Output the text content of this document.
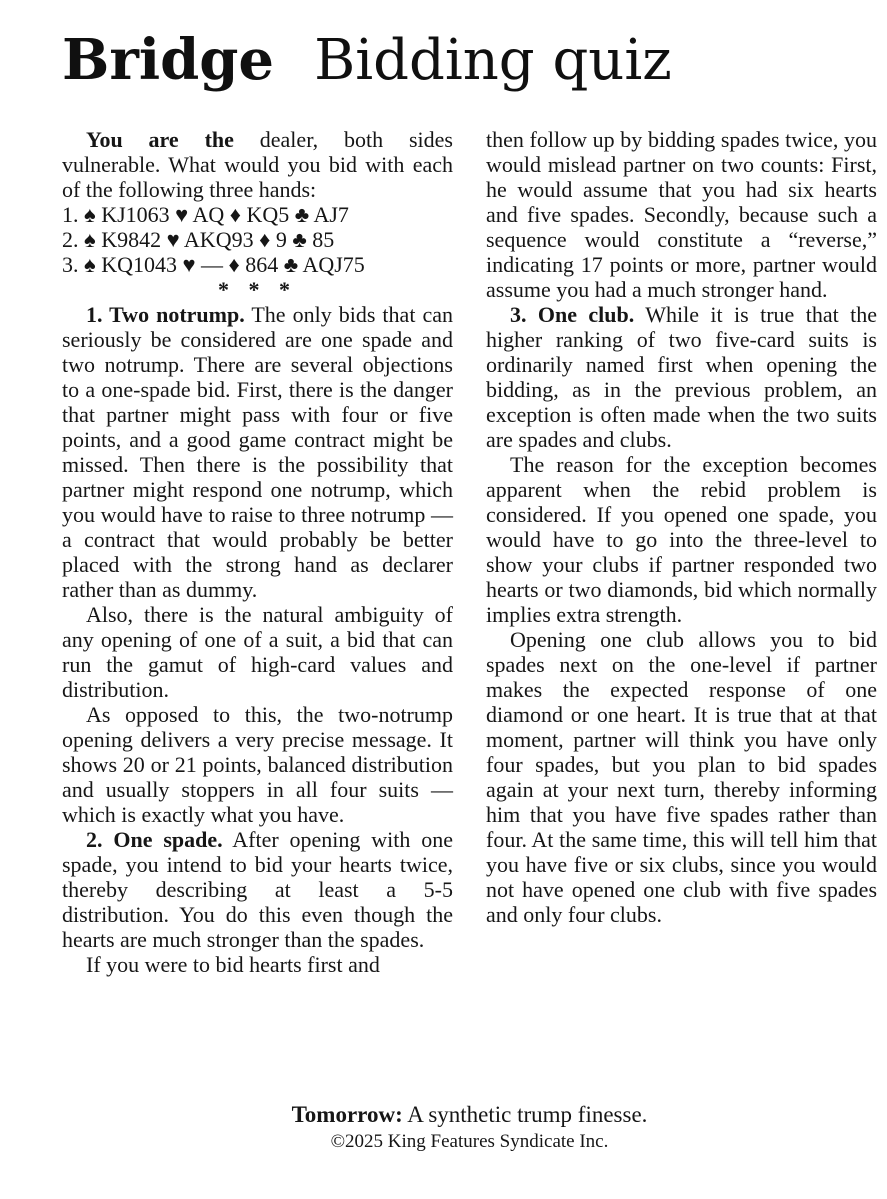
Bridge Bidding quiz

You are the dealer, both sides vulnerable. What would you bid with each of the following three hands:

1. ♠ KJ1063 ♥ AQ ♦ KQ5 ♣ AJ7
2. ♠ K9842 ♥ AKQ93 ♦ 9 ♣ 85
3. ♠ KQ1043 ♥ — ♦ 864 ♣ AQJ75
* * *

1. Two notrump. The only bids that can seriously be considered are one spade and two notrump. There are several objections to a one-spade bid. First, there is the danger that partner might pass with four or five points, and a good game contract might be missed. Then there is the possibility that partner might respond one notrump, which you would have to raise to three notrump — a contract that would probably be better placed with the strong hand as declarer rather than as dummy.

Also, there is the natural ambiguity of any opening of one of a suit, a bid that can run the gamut of high-card values and distribution.

As opposed to this, the two-notrump opening delivers a very precise message. It shows 20 or 21 points, balanced distribution and usually stoppers in all four suits — which is exactly what you have.

2. One spade. After opening with one spade, you intend to bid your hearts twice, thereby describing at least a 5-5 distribution. You do this even though the hearts are much stronger than the spades.

If you were to bid hearts first and

then follow up by bidding spades twice, you would mislead partner on two counts: First, he would assume that you had six hearts and five spades. Secondly, because such a sequence would constitute a “reverse,” indicating 17 points or more, partner would assume you had a much stronger hand.

3. One club. While it is true that the higher ranking of two five-card suits is ordinarily named first when opening the bidding, as in the previous problem, an exception is often made when the two suits are spades and clubs.

The reason for the exception becomes apparent when the rebid problem is considered. If you opened one spade, you would have to go into the three-level to show your clubs if partner responded two hearts or two diamonds, bid which normally implies extra strength.

Opening one club allows you to bid spades next on the one-level if partner makes the expected response of one diamond or one heart. It is true that at that moment, partner will think you have only four spades, but you plan to bid spades again at your next turn, thereby informing him that you have five spades rather than four. At the same time, this will tell him that you have five or six clubs, since you would not have opened one club with five spades and only four clubs.

Tomorrow: A synthetic trump finesse.
©2025 King Features Syndicate Inc.
